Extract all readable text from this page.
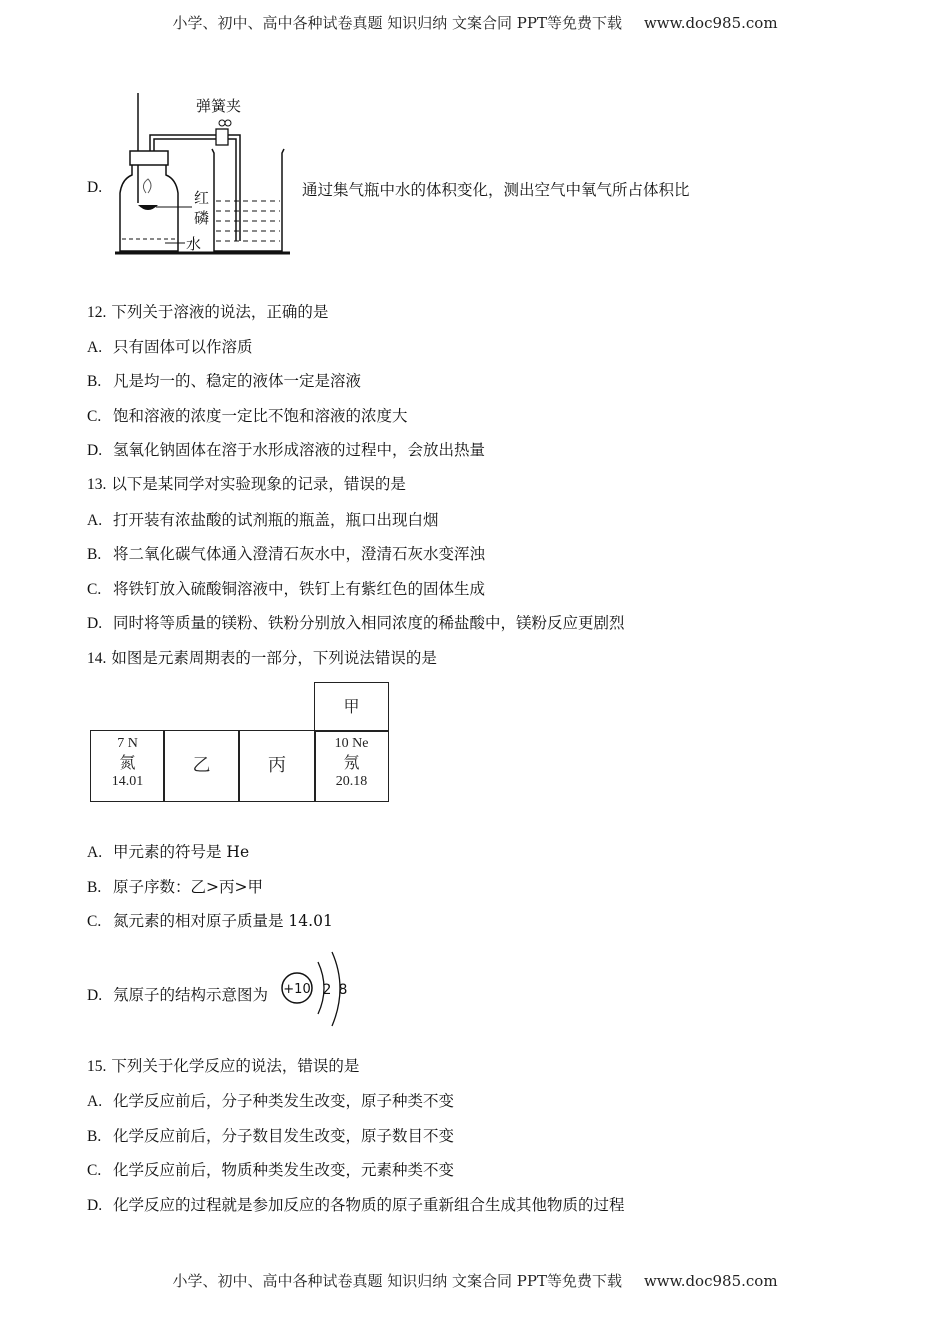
小学、初中、高中各种试卷真题 知识归纳 文案合同 PPT等免费下载 www.doc985.com
D.
弹簧夹
红
磷
水
通过集气瓶中水的体积变化，测出空气中氧气所占体积比
12. 下列关于溶液的说法，正确的是
A. 只有固体可以作溶质
B. 凡是均一的、稳定的液体一定是溶液
C. 饱和溶液的浓度一定比不饱和溶液的浓度大
D. 氢氧化钠固体在溶于水形成溶液的过程中，会放出热量
13. 以下是某同学对实验现象的记录，错误的是
A. 打开装有浓盐酸的试剂瓶的瓶盖，瓶口出现白烟
B. 将二氧化碳气体通入澄清石灰水中，澄清石灰水变浑浊
C. 将铁钉放入硫酸铜溶液中，铁钉上有紫红色的固体生成
D. 同时将等质量的镁粉、铁粉分别放入相同浓度的稀盐酸中，镁粉反应更剧烈
14. 如图是元素周期表的一部分，下列说法错误的是
甲
7 N
氮
14.01
乙	丙
10 Ne
氖
20.18
A. 甲元素的符号是 He
B. 原子序数：乙>丙>甲
C. 氮元素的相对原子质量是 14.01
D. 氖原子的结构示意图为 +10 2 8
15. 下列关于化学反应的说法，错误的是
A. 化学反应前后，分子种类发生改变，原子种类不变
B. 化学反应前后，分子数目发生改变，原子数目不变
C. 化学反应前后，物质种类发生改变，元素种类不变
D. 化学反应的过程就是参加反应的各物质的原子重新组合生成其他物质的过程
小学、初中、高中各种试卷真题 知识归纳 文案合同 PPT等免费下载 www.doc985.com
